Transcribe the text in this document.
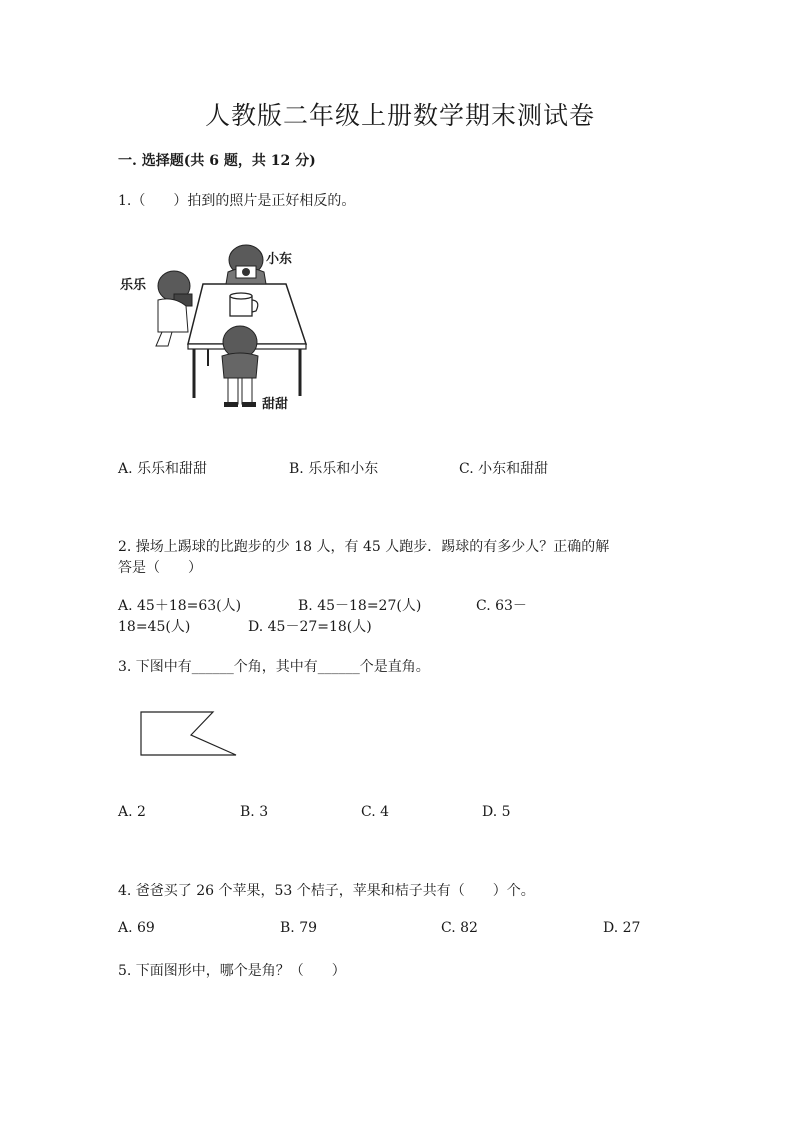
人教版二年级上册数学期末测试卷
一. 选择题(共 6 题，共 12 分)
1.（　　）拍到的照片是正好相反的。
小东
乐乐
甜甜
A. 乐乐和甜甜	B. 乐乐和小东	C. 小东和甜甜
2. 操场上踢球的比跑步的少 18 人，有 45 人跑步．踢球的有多少人？正确的解
答是（　　）
A. 45＋18=63(人)	B. 45－18=27(人)	C. 63－
18=45(人)	D. 45－27=18(人)
3. 下图中有______个角，其中有______个是直角。
A. 2	B. 3	C. 4	D. 5
4. 爸爸买了 26 个苹果，53 个桔子，苹果和桔子共有（　　）个。
A. 69	B. 79	C. 82	D. 27
5. 下面图形中，哪个是角？（　　）
